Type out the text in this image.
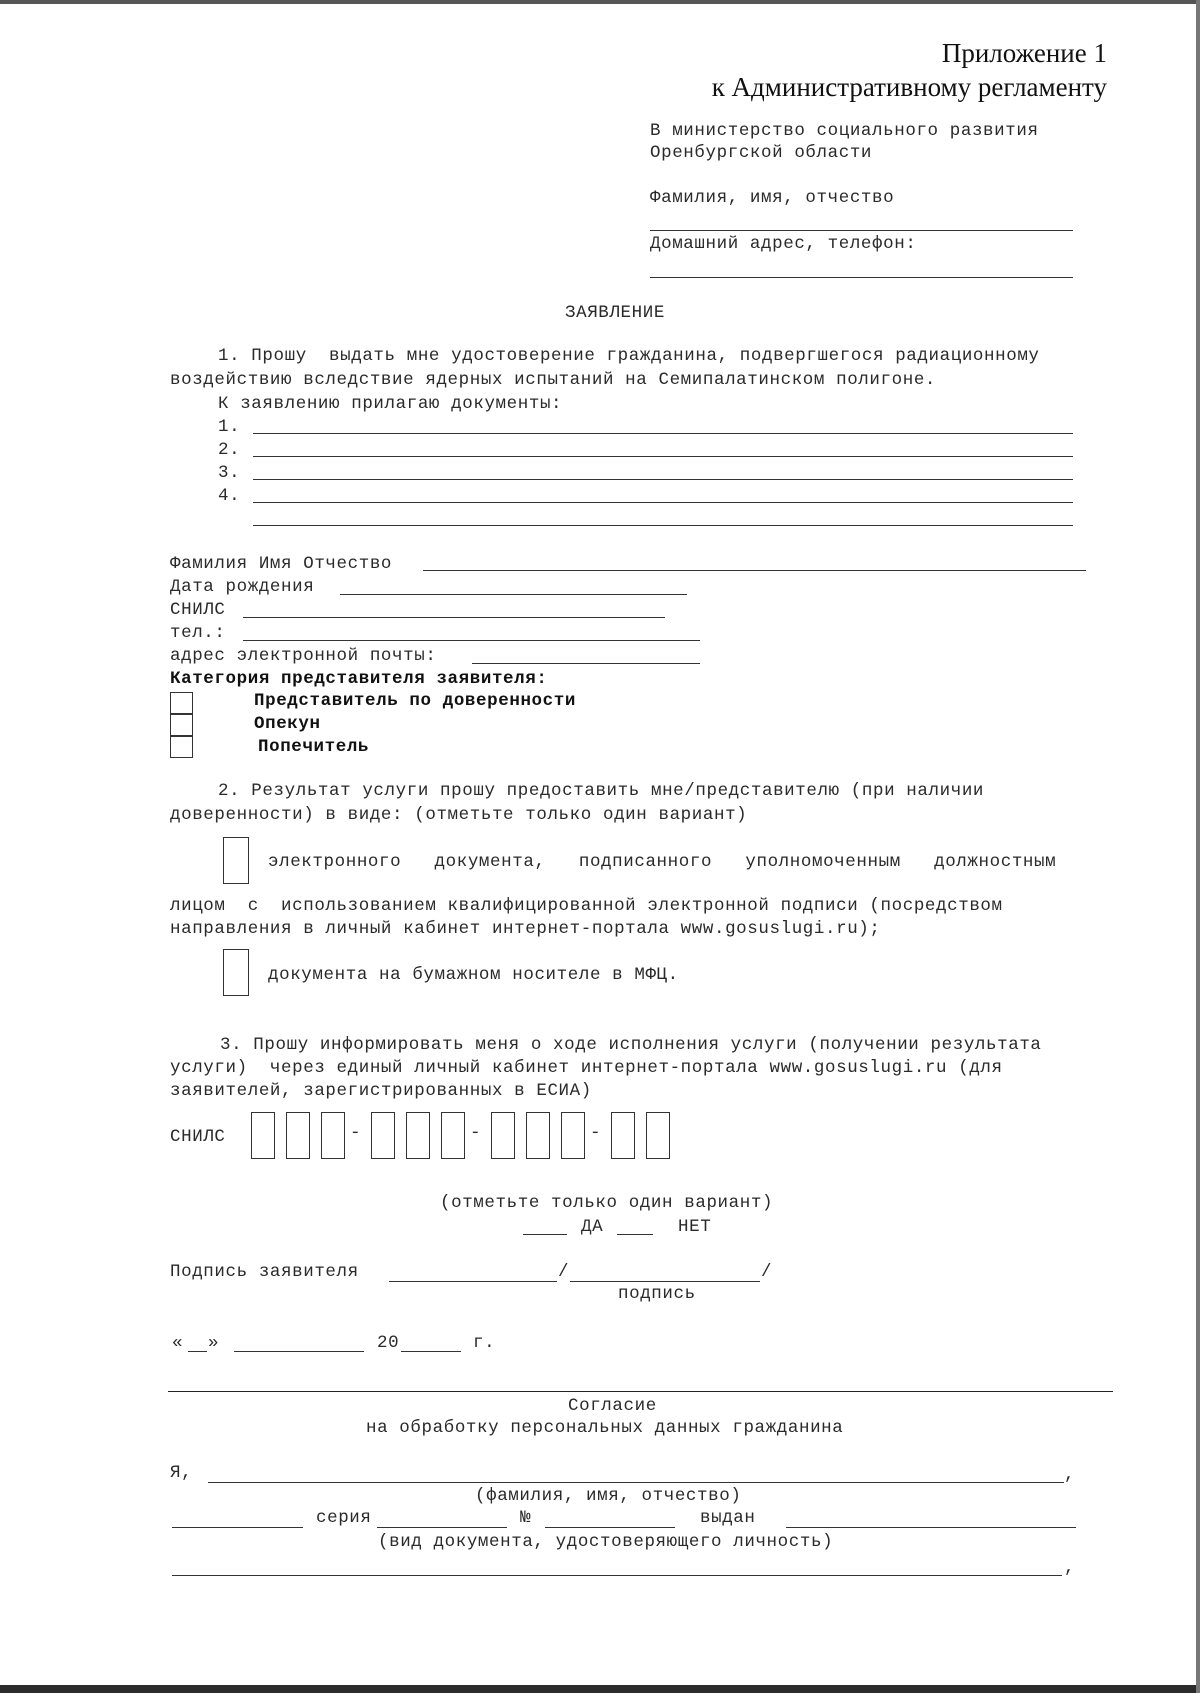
Приложение 1
к Административному регламенту
В министерство социального развития
Оренбургской области
Фамилия, имя, отчество
Домашний адрес, телефон:
ЗАЯВЛЕНИЕ
1. Прошу  выдать мне удостоверение гражданина, подвергшегося радиационному
воздействию вследствие ядерных испытаний на Семипалатинском полигоне.
К заявлению прилагаю документы:
1.
2.
3.
4.
Фамилия Имя Отчество
Дата рождения
СНИЛС
тел.:
адрес электронной почты:
Категория представителя заявителя:
Представитель по доверенности
Опекун
Попечитель
2. Результат услуги прошу предоставить мне/представителю (при наличии
доверенности) в виде: (отметьте только один вариант)
электронного   документа,   подписанного   уполномоченным   должностным
лицом  с  использованием квалифицированной электронной подписи (посредством
направления в личный кабинет интернет-портала www.gosuslugi.ru);
документа на бумажном носителе в МФЦ.
3. Прошу информировать меня о ходе исполнения услуги (получении результата
услуги)  через единый личный кабинет интернет-портала www.gosuslugi.ru (для
заявителей, зарегистрированных в ЕСИА)
СНИЛС	-	-	-
(отметьте только один вариант)
ДА	НЕТ
Подпись заявителя	/	/
подпись
« »	20	г.
Согласие
на обработку персональных данных гражданина
Я,	,
(фамилия, имя, отчество)
серия	№	выдан
(вид документа, удостоверяющего личность)
,
